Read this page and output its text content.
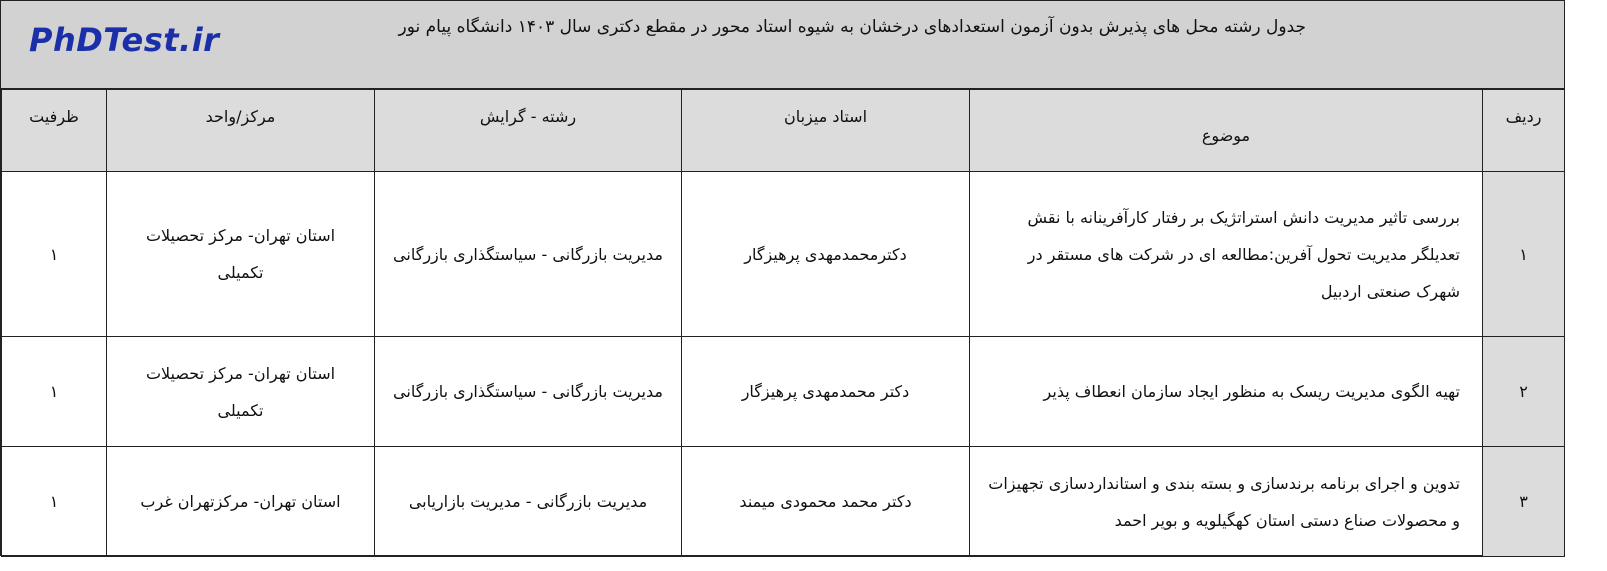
PhDTest.ir	جدول رشته محل های پذیرش بدون آزمون استعدادهای درخشان به شیوه استاد محور در مقطع دکتری سال ۱۴۰۳ دانشگاه پیام نور
ردیف	موضوع	استاد میزبان	رشته - گرایش	مرکز/واحد	ظرفیت
۱	بررسی تاثیر مدیریت دانش استراتژیک بر رفتار کارآفرینانه با نقش تعدیلگر مدیریت تحول آفرین:مطالعه ای در شرکت های مستقر در شهرک صنعتی اردبیل	دکترمحمدمهدی پرهیزگار	مدیریت بازرگانی - سیاستگذاری بازرگانی	استان تهران- مرکز تحصیلات تکمیلی	۱
۲	تهیه الگوی مدیریت ریسک به منظور ایجاد سازمان انعطاف پذیر	دکتر محمدمهدی پرهیزگار	مدیریت بازرگانی - سیاستگذاری بازرگانی	استان تهران- مرکز تحصیلات تکمیلی	۱
۳	تدوین و اجرای برنامه برندسازی و بسته بندی و استانداردسازی تجهیزات و محصولات صناع دستی استان کهگیلویه و بویر احمد	دکتر محمد محمودی میمند	مدیریت بازرگانی - مدیریت بازاریابی	استان تهران- مرکزتهران غرب	۱
